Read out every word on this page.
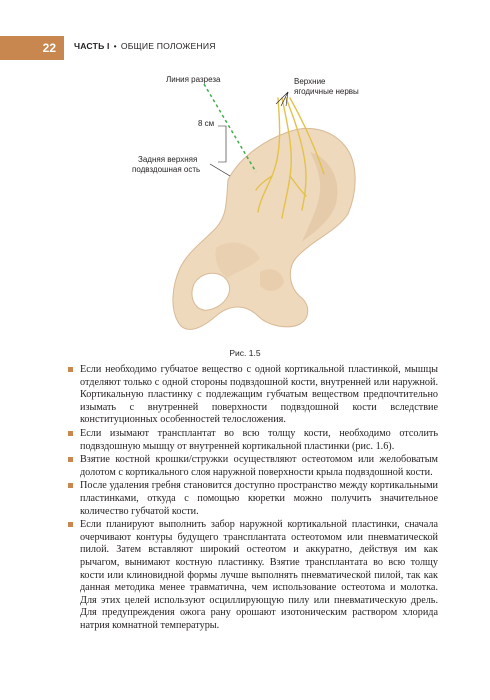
22	ЧАСТЬ I • ОБЩИЕ ПОЛОЖЕНИЯ
Линия разреза	Верхние
ягодичные нервы
8 см
Задняя верхняя
подвздошная ость
Рис. 1.5
Если необходимо губчатое вещество с одной кортикальной пластинкой, мышцы отделяют только с одной стороны подвздошной кости, внутренней или наружной. Кортикальную пластинку с подлежащим губчатым веществом предпочтительно изымать с внутренней поверхности подвздошной кости вследствие конституционных особенностей телосложения.
Если изымают трансплантат во всю толщу кости, необходимо отсолить подвздошную мышцу от внутренней кортикальной пластинки (рис. 1.6).
Взятие костной крошки/стружки осуществляют остеотомом или желобоватым долотом с кортикального слоя наружной поверхности крыла подвздошной кости.
После удаления гребня становится доступно пространство между кортикальными пластинками, откуда с помощью кюретки можно получить значительное количество губчатой кости.
Если планируют выполнить забор наружной кортикальной пластинки, сначала очерчивают контуры будущего трансплантата остеотомом или пневматической пилой. Затем вставляют широкий остеотом и аккуратно, действуя им как рычагом, вынимают костную пластинку. Взятие трансплантата во всю толщу кости или клиновидной формы лучше выполнять пневматической пилой, так как данная методика менее травматична, чем использование остеотома и молотка. Для этих целей используют осциллирующую пилу или пневматическую дрель. Для предупреждения ожога рану орошают изотоническим раствором хлорида натрия комнатной температуры.
